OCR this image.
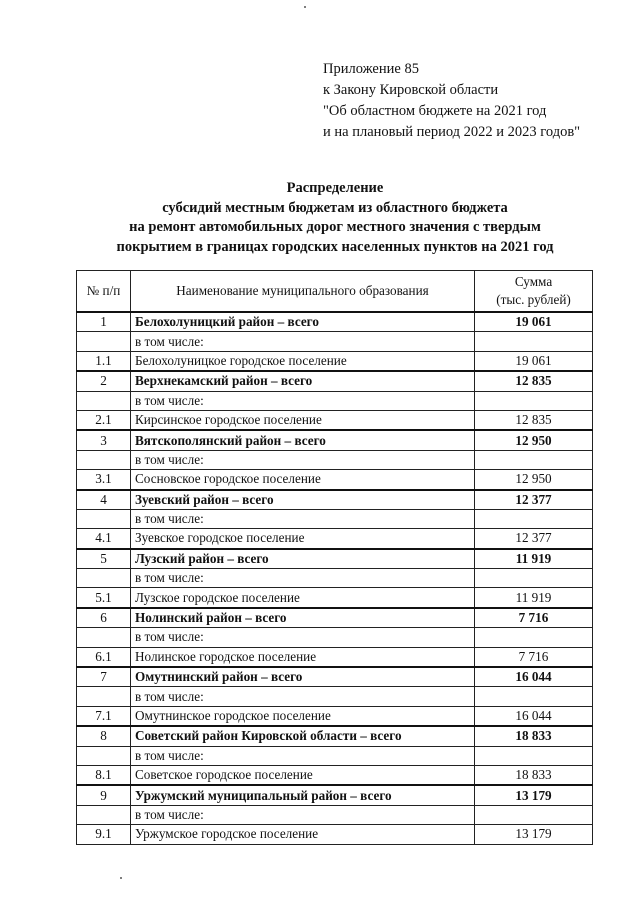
Приложение 85
к Закону Кировской области
"Об областном бюджете на 2021 год
и на плановый период 2022 и 2023 годов"
Распределение
субсидий местным бюджетам из областного бюджета
на ремонт автомобильных дорог местного значения с твердым
покрытием в границах городских населенных пунктов на 2021 год
№ п/п	Наименование муниципального образования	Сумма
(тыс. рублей)

1	Белохолуницкий район – всего	19 061
	в том числе:	
1.1	Белохолуницкое городское поселение	19 061
2	Верхнекамский район – всего	12 835
	в том числе:	
2.1	Кирсинское городское поселение	12 835
3	Вятскополянский район – всего	12 950
	в том числе:	
3.1	Сосновское городское поселение	12 950
4	Зуевский район – всего	12 377
	в том числе:	
4.1	Зуевское городское поселение	12 377
5	Лузский район – всего	11 919
	в том числе:	
5.1	Лузское городское поселение	11 919
6	Нолинский район – всего	7 716
	в том числе:	
6.1	Нолинское городское поселение	7 716
7	Омутнинский район – всего	16 044
	в том числе:	
7.1	Омутнинское городское поселение	16 044
8	Советский район Кировской области – всего	18 833
	в том числе:	
8.1	Советское городское поселение	18 833
9	Уржумский муниципальный район – всего	13 179
	в том числе:	
9.1	Уржумское городское поселение	13 179
